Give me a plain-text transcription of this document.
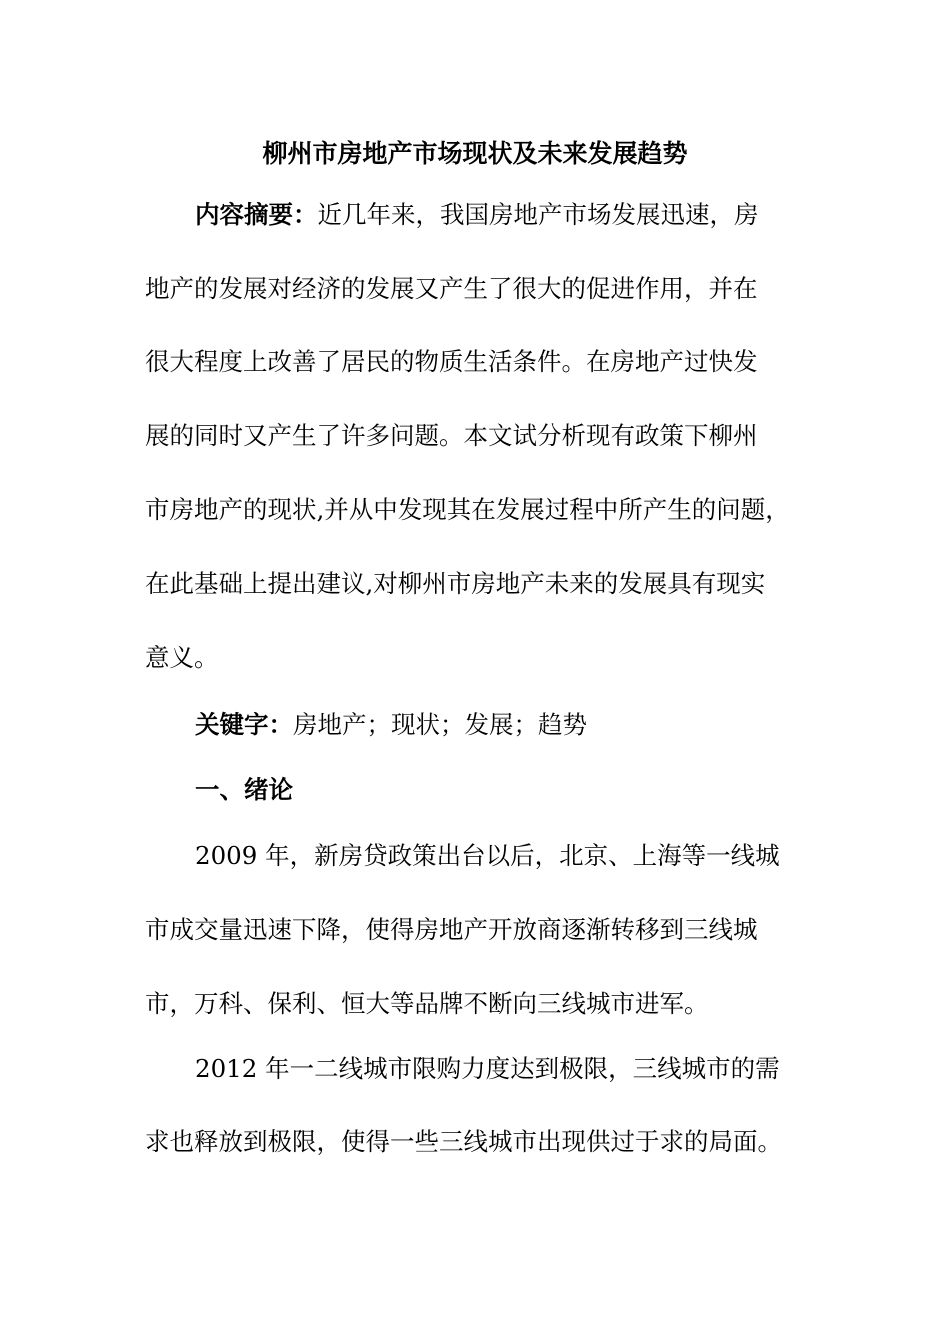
柳州市房地产市场现状及未来发展趋势
内容摘要：近几年来，我国房地产市场发展迅速，房
地产的发展对经济的发展又产生了很大的促进作用，并在
很大程度上改善了居民的物质生活条件。在房地产过快发
展的同时又产生了许多问题。本文试分析现有政策下柳州
市房地产的现状,并从中发现其在发展过程中所产生的问题，
在此基础上提出建议,对柳州市房地产未来的发展具有现实
意义。
关键字：房地产；现状；发展；趋势
一、绪论
2009 年，新房贷政策出台以后，北京、上海等一线城
市成交量迅速下降，使得房地产开放商逐渐转移到三线城
市，万科、保利、恒大等品牌不断向三线城市进军。
2012 年一二线城市限购力度达到极限，三线城市的需
求也释放到极限，使得一些三线城市出现供过于求的局面。
